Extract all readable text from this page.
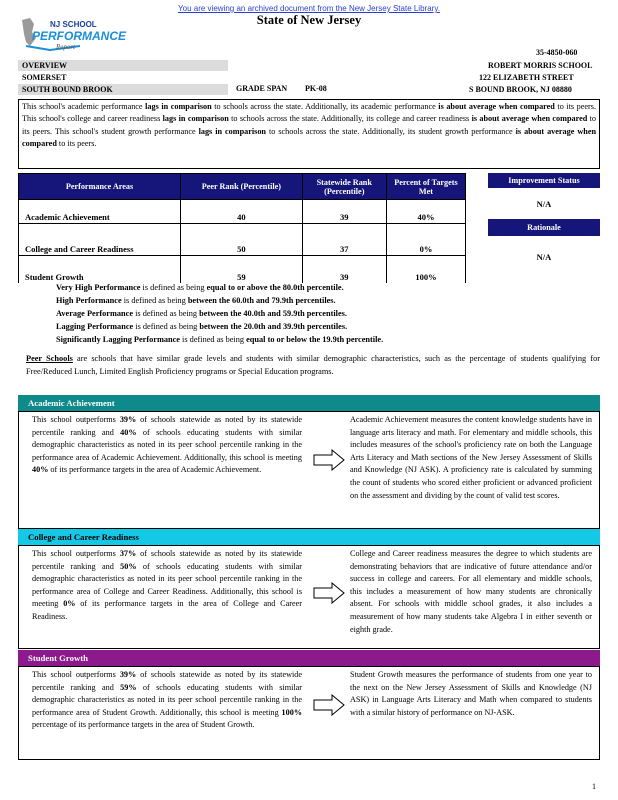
You are viewing an archived document from the New Jersey State Library.
State of New Jersey
NJ SCHOOL
PERFORMANCE
Report
35-4850-060
OVERVIEW	ROBERT MORRIS SCHOOL
SOMERSET	122 ELIZABETH STREET
SOUTH BOUND BROOK	GRADE SPAN PK-08	S BOUND BROOK, NJ 08880
This school's academic performance lags in comparison to schools across the state. Additionally, its academic performance is about average when compared to its peers. This school's college and career readiness lags in comparison to schools across the state. Additionally, its college and career readiness is about average when compared to its peers. This school's student growth performance lags in comparison to schools across the state. Additionally, its student growth performance is about average when compared to its peers.
Performance Areas	Peer Rank (Percentile)	Statewide Rank (Percentile)	Percent of Targets Met
Academic Achievement	40	39	40%
College and Career Readiness	50	37	0%
Student Growth	59	39	100%
Improvement Status
N/A
Rationale
N/A
Very High Performance is defined as being equal to or above the 80.0th percentile.
High Performance is defined as being between the 60.0th and 79.9th percentiles.
Average Performance is defined as being between the 40.0th and 59.9th percentiles.
Lagging Performance is defined as being between the 20.0th and 39.9th percentiles.
Significantly Lagging Performance is defined as being equal to or below the 19.9th percentile.
Peer Schools are schools that have similar grade levels and students with similar demographic characteristics, such as the percentage of students qualifying for Free/Reduced Lunch, Limited English Proficiency programs or Special Education programs.
Academic Achievement
This school outperforms 39% of schools statewide as noted by its statewide percentile ranking and 40% of schools educating students with similar demographic characteristics as noted in its peer school percentile ranking in the performance area of Academic Achievement. Additionally, this school is meeting 40% of its performance targets in the area of Academic Achievement.
Academic Achievement measures the content knowledge students have in language arts literacy and math. For elementary and middle schools, this includes measures of the school's proficiency rate on both the Language Arts Literacy and Math sections of the New Jersey Assessment of Skills and Knowledge (NJ ASK). A proficiency rate is calculated by summing the count of students who scored either proficient or advanced proficient on the assessment and dividing by the count of valid test scores.
College and Career Readiness
This school outperforms 37% of schools statewide as noted by its statewide percentile ranking and 50% of schools educating students with similar demographic characteristics as noted in its peer school percentile ranking in the performance area of College and Career Readiness. Additionally, this school is meeting 0% of its performance targets in the area of College and Career Readiness.
College and Career readiness measures the degree to which students are demonstrating behaviors that are indicative of future attendance and/or success in college and careers. For all elementary and middle schools, this includes a measurement of how many students are chronically absent. For schools with middle school grades, it also includes a measurement of how many students take Algebra I in either seventh or eighth grade.
Student Growth
This school outperforms 39% of schools statewide as noted by its statewide percentile ranking and 59% of schools educating students with similar demographic characteristics as noted in its peer school percentile ranking in the performance area of Student Growth. Additionally, this school is meeting 100% percentage of its performance targets in the area of Student Growth.
Student Growth measures the performance of students from one year to the next on the New Jersey Assessment of Skills and Knowledge (NJ ASK) in Language Arts Literacy and Math when compared to students with a similar history of performance on NJ-ASK.
1
